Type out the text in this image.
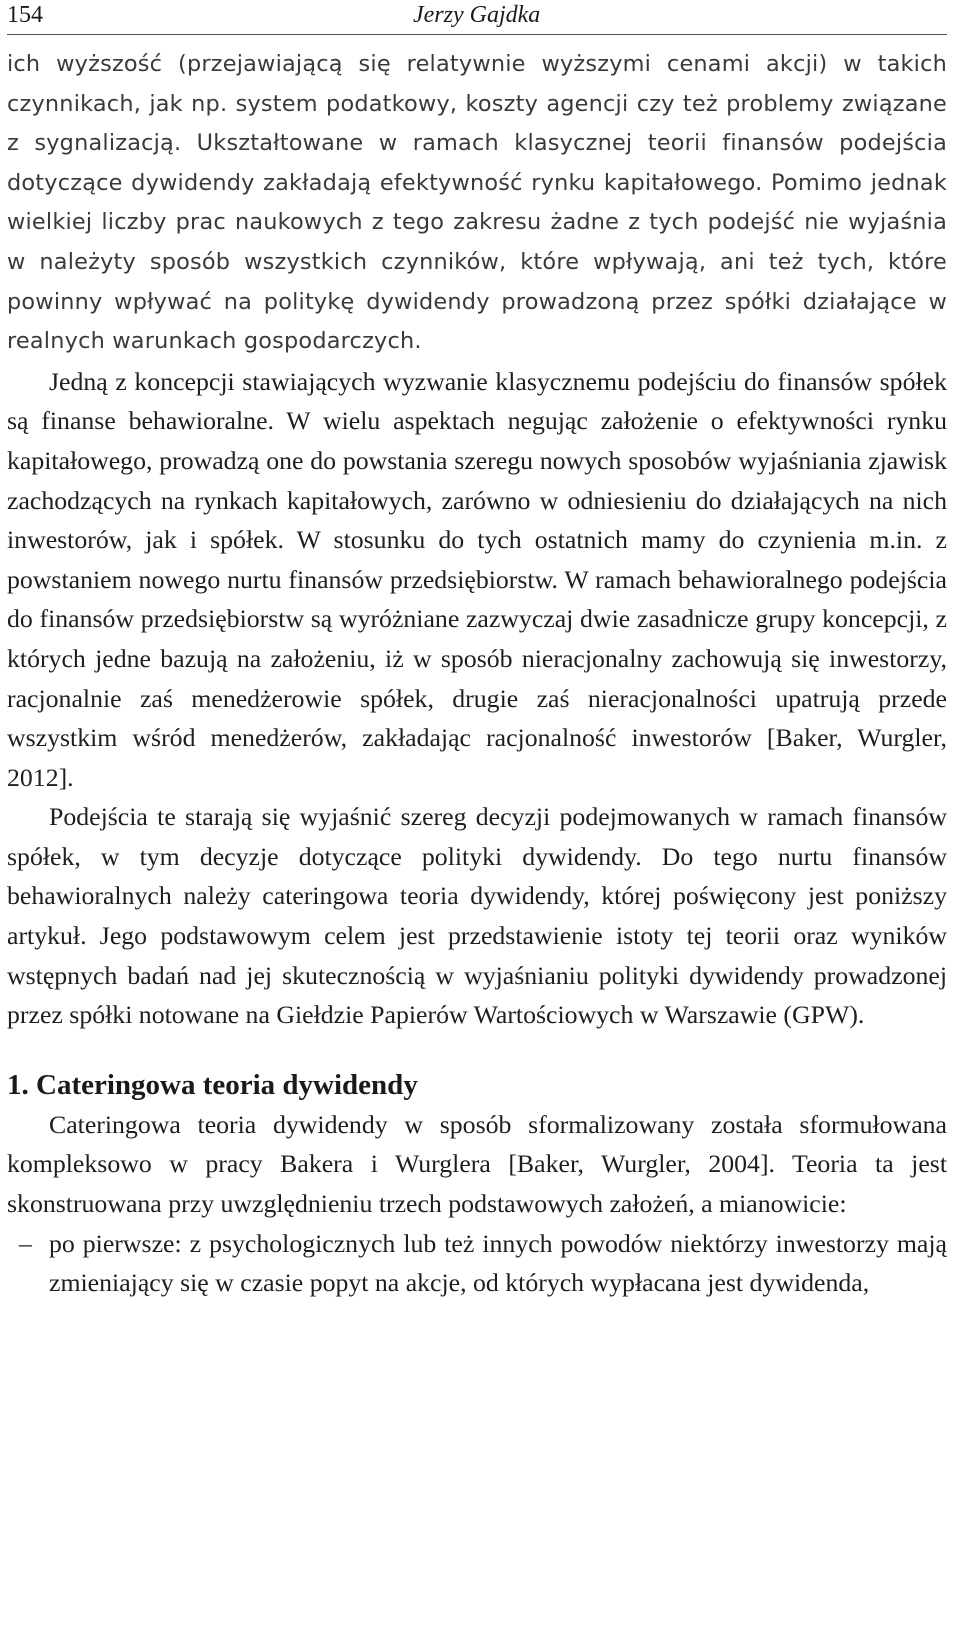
154	Jerzy Gajdka

ich wyższość (przejawiającą się relatywnie wyższymi cenami akcji) w takich czynnikach, jak np. system podatkowy, koszty agencji czy też problemy związane z sygnalizacją. Ukształtowane w ramach klasycznej teorii finansów podejścia dotyczące dywidendy zakładają efektywność rynku kapitałowego. Pomimo jednak wielkiej liczby prac naukowych z tego zakresu żadne z tych podejść nie wyjaśnia w należyty sposób wszystkich czynników, które wpływają, ani też tych, które powinny wpływać na politykę dywidendy prowadzoną przez spółki działające w realnych warunkach gospodarczych.

Jedną z koncepcji stawiających wyzwanie klasycznemu podejściu do finansów spółek są finanse behawioralne. W wielu aspektach negując założenie o efektywności rynku kapitałowego, prowadzą one do powstania szeregu nowych sposobów wyjaśniania zjawisk zachodzących na rynkach kapitałowych, zarówno w odniesieniu do działających na nich inwestorów, jak i spółek. W stosunku do tych ostatnich mamy do czynienia m.in. z powstaniem nowego nurtu finansów przedsiębiorstw. W ramach behawioralnego podejścia do finansów przedsiębiorstw są wyróżniane zazwyczaj dwie zasadnicze grupy koncepcji, z których jedne bazują na założeniu, iż w sposób nieracjonalny zachowują się inwestorzy, racjonalnie zaś menedżerowie spółek, drugie zaś nieracjonalności upatrują przede wszystkim wśród menedżerów, zakładając racjonalność inwestorów [Baker, Wurgler, 2012].

Podejścia te starają się wyjaśnić szereg decyzji podejmowanych w ramach finansów spółek, w tym decyzje dotyczące polityki dywidendy. Do tego nurtu finansów behawioralnych należy cateringowa teoria dywidendy, której poświęcony jest poniższy artykuł. Jego podstawowym celem jest przedstawienie istoty tej teorii oraz wyników wstępnych badań nad jej skutecznością w wyjaśnianiu polityki dywidendy prowadzonej przez spółki notowane na Giełdzie Papierów Wartościowych w Warszawie (GPW).

1. Cateringowa teoria dywidendy

Cateringowa teoria dywidendy w sposób sformalizowany została sformułowana kompleksowo w pracy Bakera i Wurglera [Baker, Wurgler, 2004]. Teoria ta jest skonstruowana przy uwzględnieniu trzech podstawowych założeń, a mianowicie:

– po pierwsze: z psychologicznych lub też innych powodów niektórzy inwestorzy mają zmieniający się w czasie popyt na akcje, od których wypłacana jest dywidenda,
